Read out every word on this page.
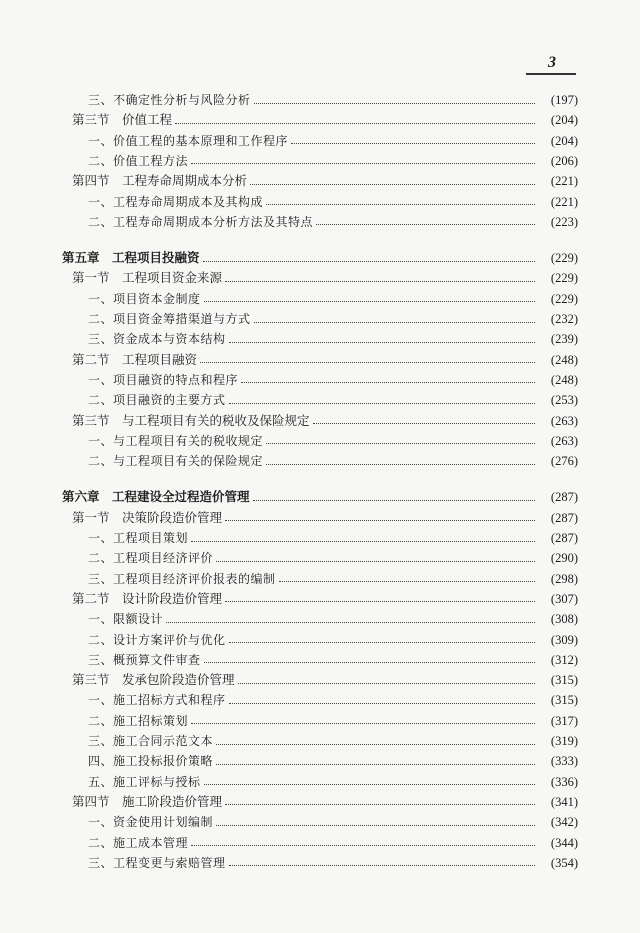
3
三、不确定性分析与风险分析	(197)
第三节　价值工程	(204)
一、价值工程的基本原理和工作程序	(204)
二、价值工程方法	(206)
第四节　工程寿命周期成本分析	(221)
一、工程寿命周期成本及其构成	(221)
二、工程寿命周期成本分析方法及其特点	(223)
第五章　工程项目投融资	(229)
第一节　工程项目资金来源	(229)
一、项目资本金制度	(229)
二、项目资金筹措渠道与方式	(232)
三、资金成本与资本结构	(239)
第二节　工程项目融资	(248)
一、项目融资的特点和程序	(248)
二、项目融资的主要方式	(253)
第三节　与工程项目有关的税收及保险规定	(263)
一、与工程项目有关的税收规定	(263)
二、与工程项目有关的保险规定	(276)
第六章　工程建设全过程造价管理	(287)
第一节　决策阶段造价管理	(287)
一、工程项目策划	(287)
二、工程项目经济评价	(290)
三、工程项目经济评价报表的编制	(298)
第二节　设计阶段造价管理	(307)
一、限额设计	(308)
二、设计方案评价与优化	(309)
三、概预算文件审查	(312)
第三节　发承包阶段造价管理	(315)
一、施工招标方式和程序	(315)
二、施工招标策划	(317)
三、施工合同示范文本	(319)
四、施工投标报价策略	(333)
五、施工评标与授标	(336)
第四节　施工阶段造价管理	(341)
一、资金使用计划编制	(342)
二、施工成本管理	(344)
三、工程变更与索赔管理	(354)
